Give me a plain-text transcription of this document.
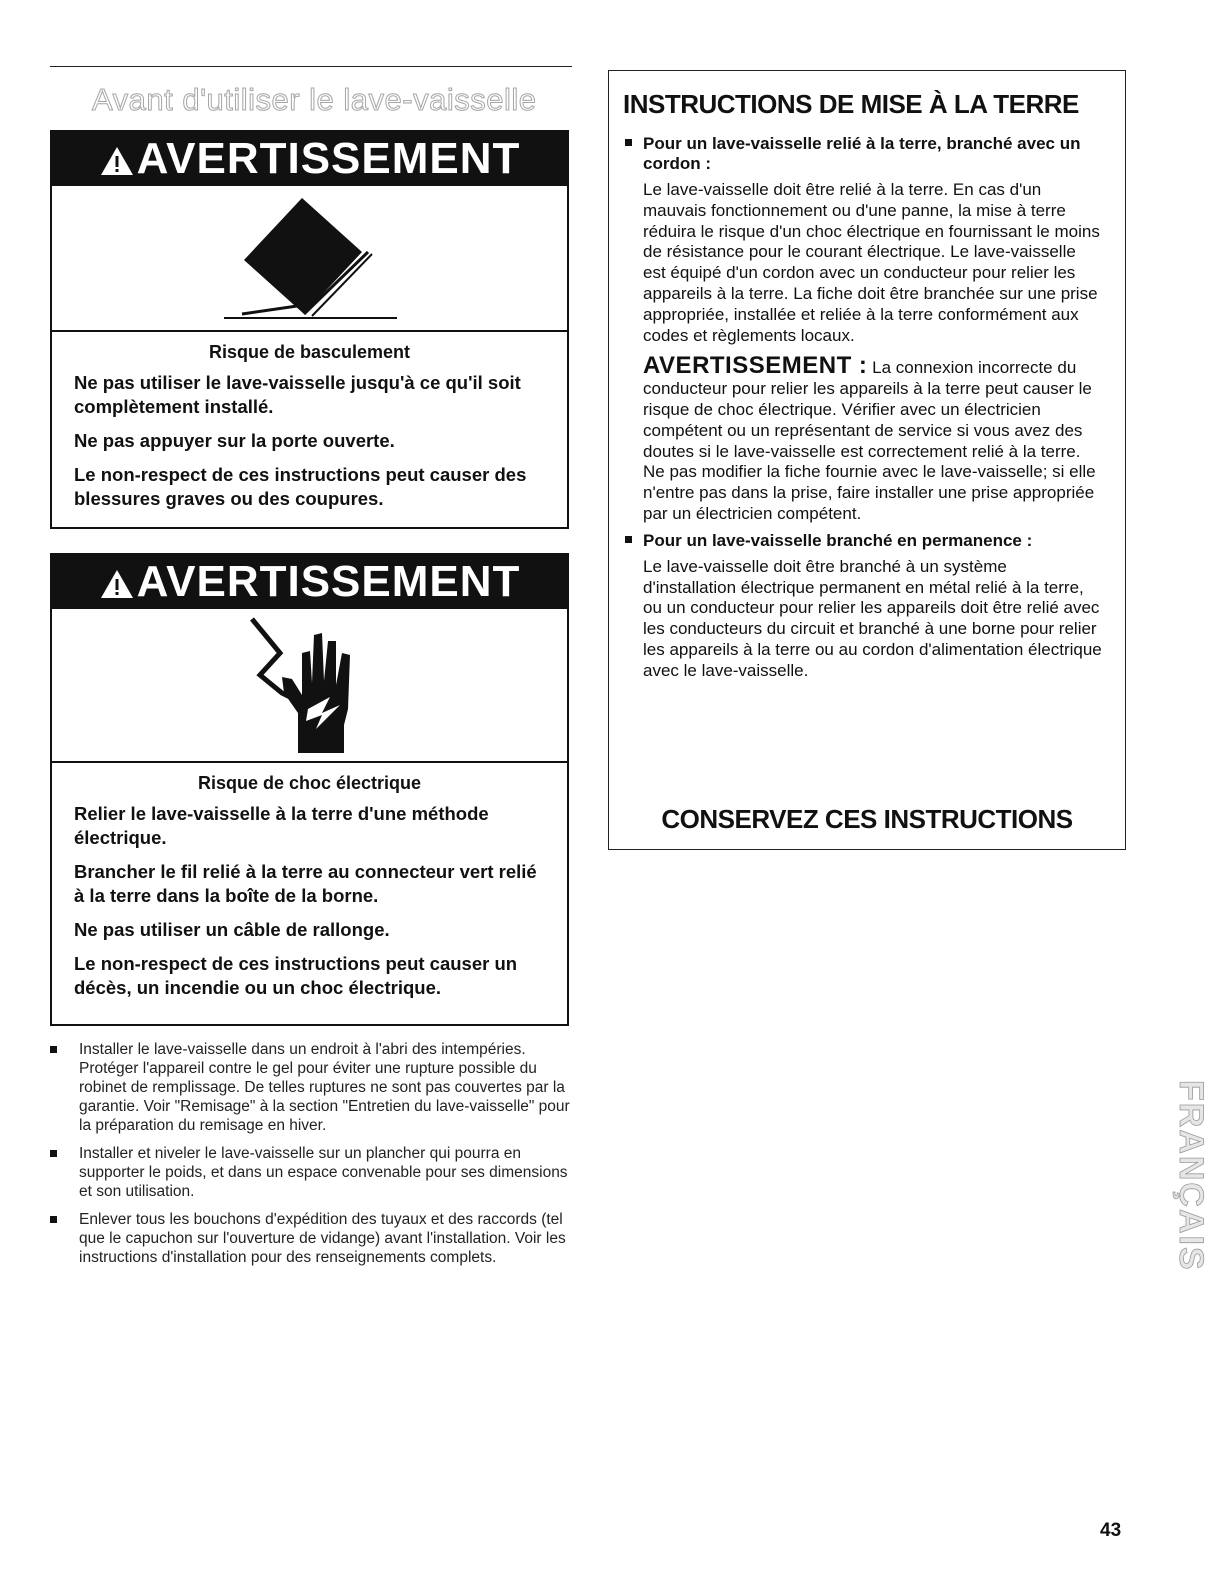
Avant d'utiliser le lave-vaisselle
AVERTISSEMENT
Risque de basculement
Ne pas utiliser le lave-vaisselle jusqu'à ce qu'il soit complètement installé.
Ne pas appuyer sur la porte ouverte.
Le non-respect de ces instructions peut causer des blessures graves ou des coupures.
AVERTISSEMENT
Risque de choc électrique
Relier le lave-vaisselle à la terre d'une méthode électrique.
Brancher le fil relié à la terre au connecteur vert relié à la terre dans la boîte de la borne.
Ne pas utiliser un câble de rallonge.
Le non-respect de ces instructions peut causer un décès, un incendie ou un choc électrique.
Installer le lave-vaisselle dans un endroit à l'abri des intempéries. Protéger l'appareil contre le gel pour éviter une rupture possible du robinet de remplissage. De telles ruptures ne sont pas couvertes par la garantie. Voir "Remisage" à la section "Entretien du lave-vaisselle" pour la préparation du remisage en hiver.
Installer et niveler le lave-vaisselle sur un plancher qui pourra en supporter le poids, et dans un espace convenable pour ses dimensions et son utilisation.
Enlever tous les bouchons d'expédition des tuyaux et des raccords (tel que le capuchon sur l'ouverture de vidange) avant l'installation. Voir les instructions d'installation pour des renseignements complets.
INSTRUCTIONS DE MISE À LA TERRE
Pour un lave-vaisselle relié à la terre, branché avec un cordon :
Le lave-vaisselle doit être relié à la terre. En cas d'un mauvais fonctionnement ou d'une panne, la mise à terre réduira le risque d'un choc électrique en fournissant le moins de résistance pour le courant électrique. Le lave-vaisselle est équipé d'un cordon avec un conducteur pour relier les appareils à la terre. La fiche doit être branchée sur une prise appropriée, installée et reliée à la terre conformément aux codes et règlements locaux.
AVERTISSEMENT : La connexion incorrecte du conducteur pour relier les appareils à la terre peut causer le risque de choc électrique. Vérifier avec un électricien compétent ou un représentant de service si vous avez des doutes si le lave-vaisselle est correctement relié à la terre. Ne pas modifier la fiche fournie avec le lave-vaisselle; si elle n'entre pas dans la prise, faire installer une prise appropriée par un électricien compétent.
Pour un lave-vaisselle branché en permanence :
Le lave-vaisselle doit être branché à un système d'installation électrique permanent en métal relié à la terre, ou un conducteur pour relier les appareils doit être relié avec les conducteurs du circuit et branché à une borne pour relier les appareils à la terre ou au cordon d'alimentation électrique avec le lave-vaisselle.
CONSERVEZ CES INSTRUCTIONS
FRANÇAIS
43
